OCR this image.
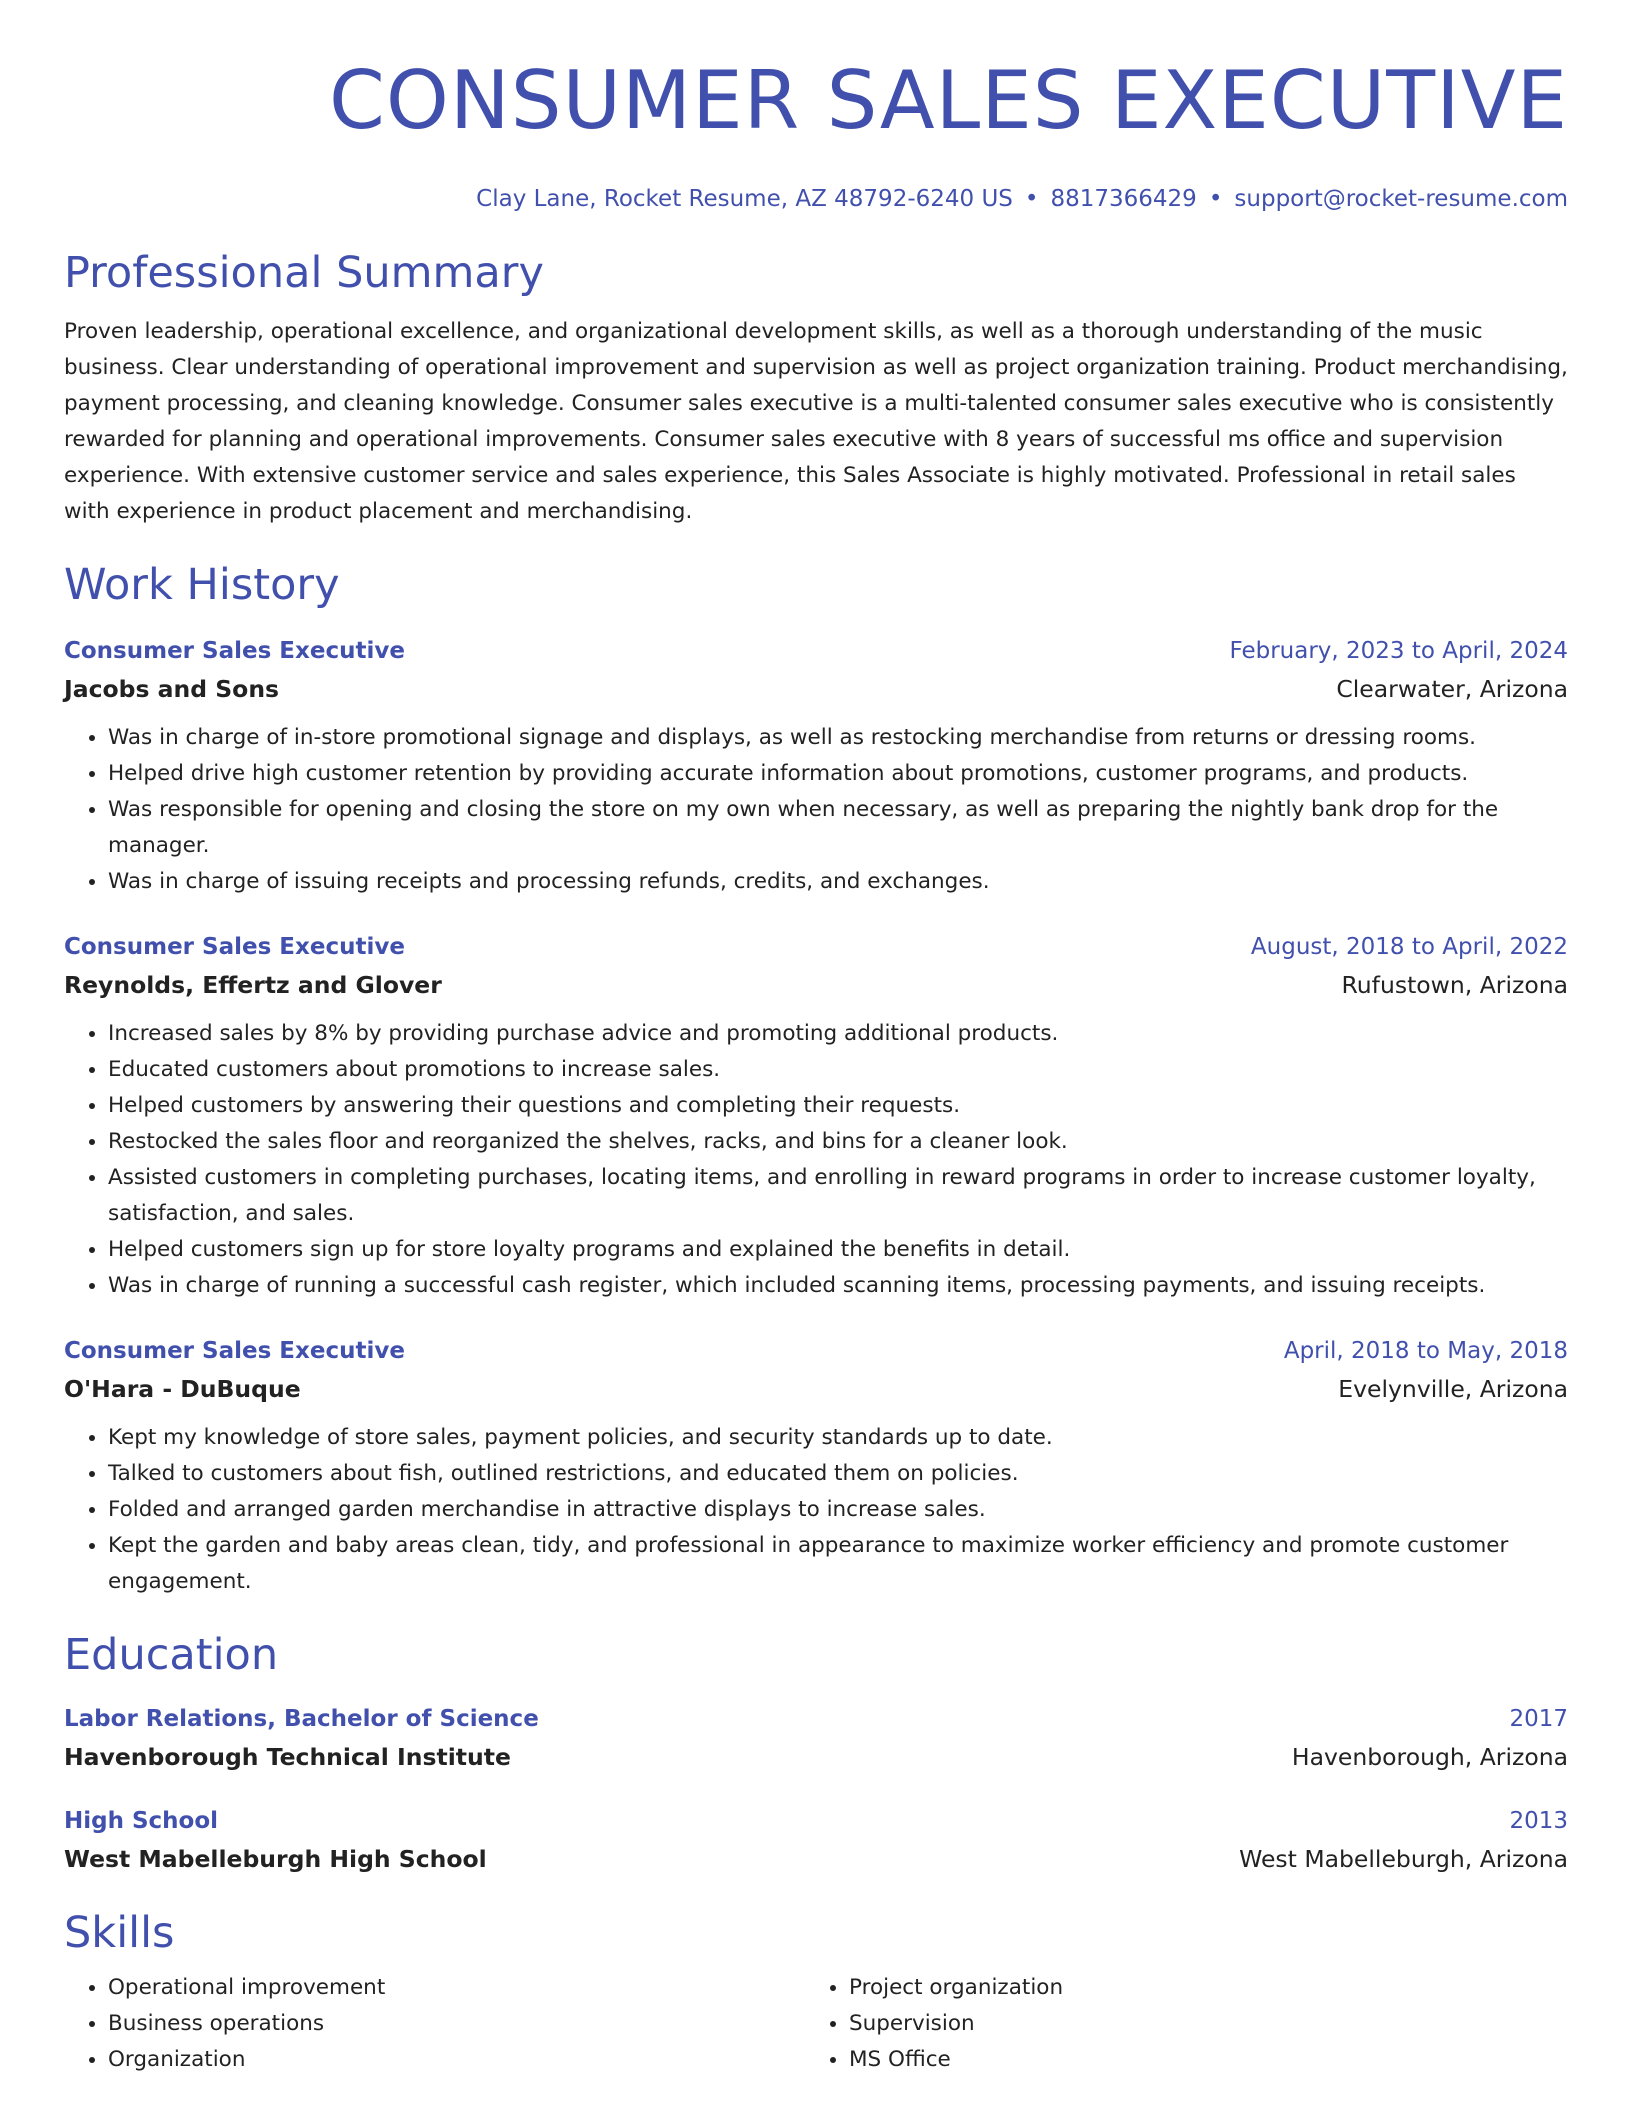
CONSUMER SALES EXECUTIVE
Clay Lane, Rocket Resume, AZ 48792-6240 US • 8817366429 • support@rocket-resume.com
Professional Summary
Proven leadership, operational excellence, and organizational development skills, as well as a thorough understanding of the music business. Clear understanding of operational improvement and supervision as well as project organization training. Product merchandising, payment processing, and cleaning knowledge. Consumer sales executive is a multi-talented consumer sales executive who is consistently rewarded for planning and operational improvements. Consumer sales executive with 8 years of successful ms office and supervision experience. With extensive customer service and sales experience, this Sales Associate is highly motivated. Professional in retail sales with experience in product placement and merchandising.
Work History
Consumer Sales Executive	February, 2023 to April, 2024
Jacobs and Sons	Clearwater, Arizona
• Was in charge of in-store promotional signage and displays, as well as restocking merchandise from returns or dressing rooms.
• Helped drive high customer retention by providing accurate information about promotions, customer programs, and products.
• Was responsible for opening and closing the store on my own when necessary, as well as preparing the nightly bank drop for the manager.
• Was in charge of issuing receipts and processing refunds, credits, and exchanges.
Consumer Sales Executive	August, 2018 to April, 2022
Reynolds, Effertz and Glover	Rufustown, Arizona
• Increased sales by 8% by providing purchase advice and promoting additional products.
• Educated customers about promotions to increase sales.
• Helped customers by answering their questions and completing their requests.
• Restocked the sales floor and reorganized the shelves, racks, and bins for a cleaner look.
• Assisted customers in completing purchases, locating items, and enrolling in reward programs in order to increase customer loyalty, satisfaction, and sales.
• Helped customers sign up for store loyalty programs and explained the benefits in detail.
• Was in charge of running a successful cash register, which included scanning items, processing payments, and issuing receipts.
Consumer Sales Executive	April, 2018 to May, 2018
O'Hara - DuBuque	Evelynville, Arizona
• Kept my knowledge of store sales, payment policies, and security standards up to date.
• Talked to customers about fish, outlined restrictions, and educated them on policies.
• Folded and arranged garden merchandise in attractive displays to increase sales.
• Kept the garden and baby areas clean, tidy, and professional in appearance to maximize worker efficiency and promote customer engagement.
Education
Labor Relations, Bachelor of Science	2017
Havenborough Technical Institute	Havenborough, Arizona
High School	2013
West Mabelleburgh High School	West Mabelleburgh, Arizona
Skills
• Operational improvement
• Business operations
• Organization
• Project organization
• Supervision
• MS Office
